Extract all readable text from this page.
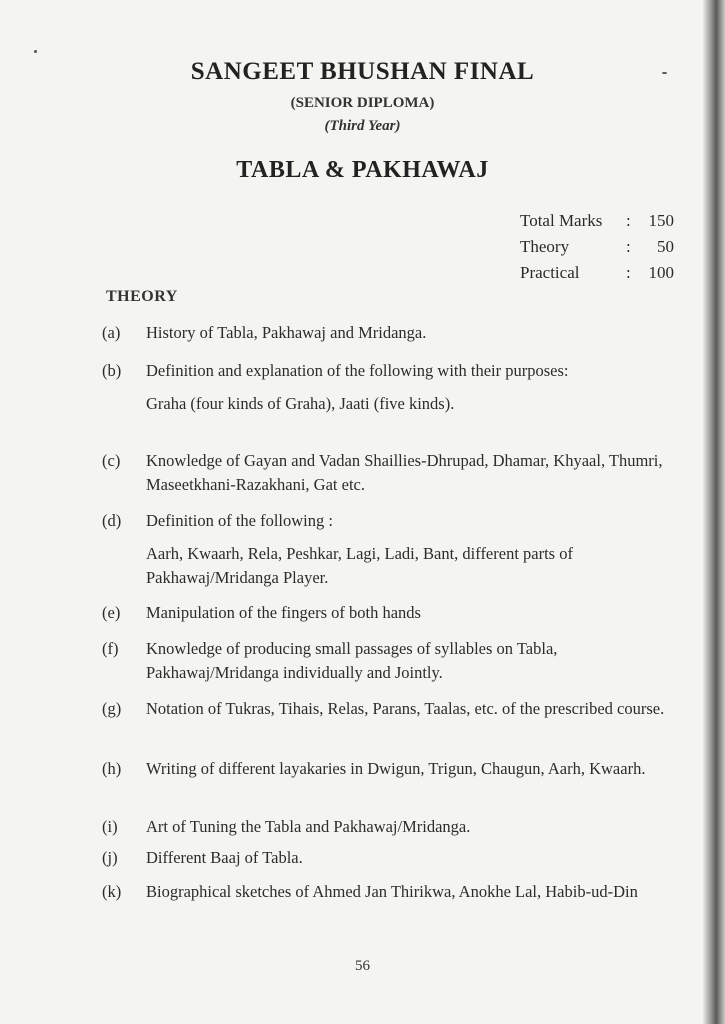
SANGEET BHUSHAN FINAL
(SENIOR DIPLOMA)
(Third Year)
TABLA & PAKHAWAJ
Total Marks :	150
Theory	:	50
Practical	:	100
THEORY
(a) History of Tabla, Pakhawaj and Mridanga.
(b) Definition and explanation of the following with their purposes:
Graha (four kinds of Graha), Jaati (five kinds).
(c) Knowledge of Gayan and Vadan Shaillies-Dhrupad, Dhamar, Khyaal, Thumri, Maseetkhani-Razakhani, Gat etc.
(d) Definition of the following :
Aarh, Kwaarh, Rela, Peshkar, Lagi, Ladi, Bant, different parts of Pakhawaj/Mridanga Player.
(e) Manipulation of the fingers of both hands
(f) Knowledge of producing small passages of syllables on Tabla, Pakhawaj/Mridanga individually and Jointly.
(g) Notation of Tukras, Tihais, Relas, Parans, Taalas, etc. of the prescribed course.
(h) Writing of different layakaries in Dwigun, Trigun, Chaugun, Aarh, Kwaarh.
(i) Art of Tuning the Tabla and Pakhawaj/Mridanga.
(j) Different Baaj of Tabla.
(k) Biographical sketches of Ahmed Jan Thirikwa, Anokhe Lal, Habib-ud-Din
56
